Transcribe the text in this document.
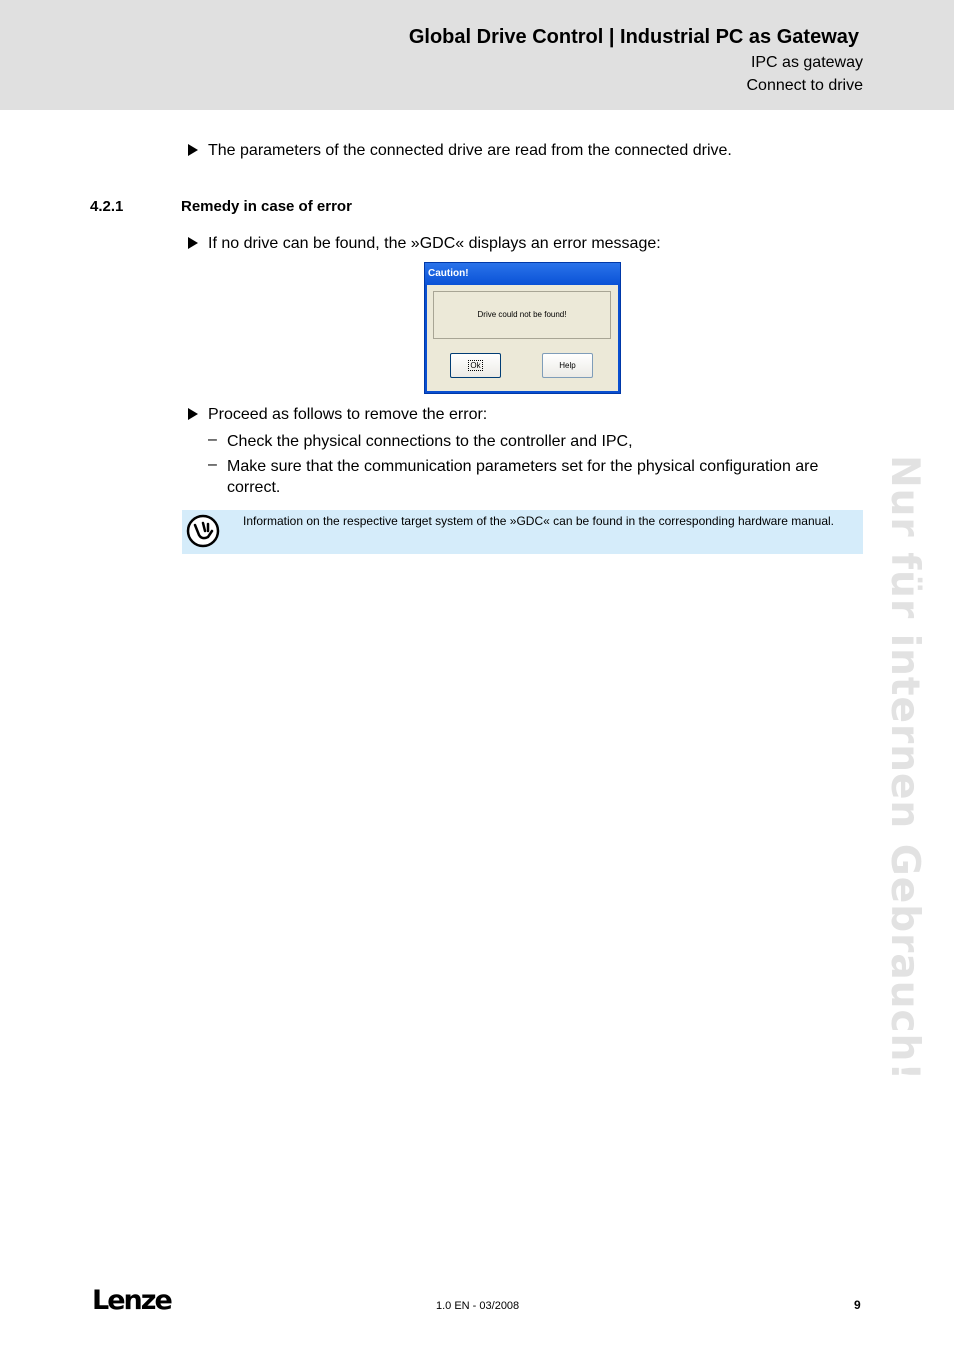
Global Drive Control | Industrial PC as Gateway
IPC as gateway
Connect to drive
The parameters of the connected drive are read from the connected drive.
4.2.1	Remedy in case of error
If no drive can be found, the »GDC« displays an error message:
Caution!
Drive could not be found!
Ok	Help
Proceed as follows to remove the error:
– Check the physical connections to the controller and IPC,
– Make sure that the communication parameters set for the physical configuration are correct.
Information on the respective target system of the »GDC« can be found in the corresponding hardware manual.	Nur für internen Gebrauch!
Lenze	1.0 EN - 03/2008	9
